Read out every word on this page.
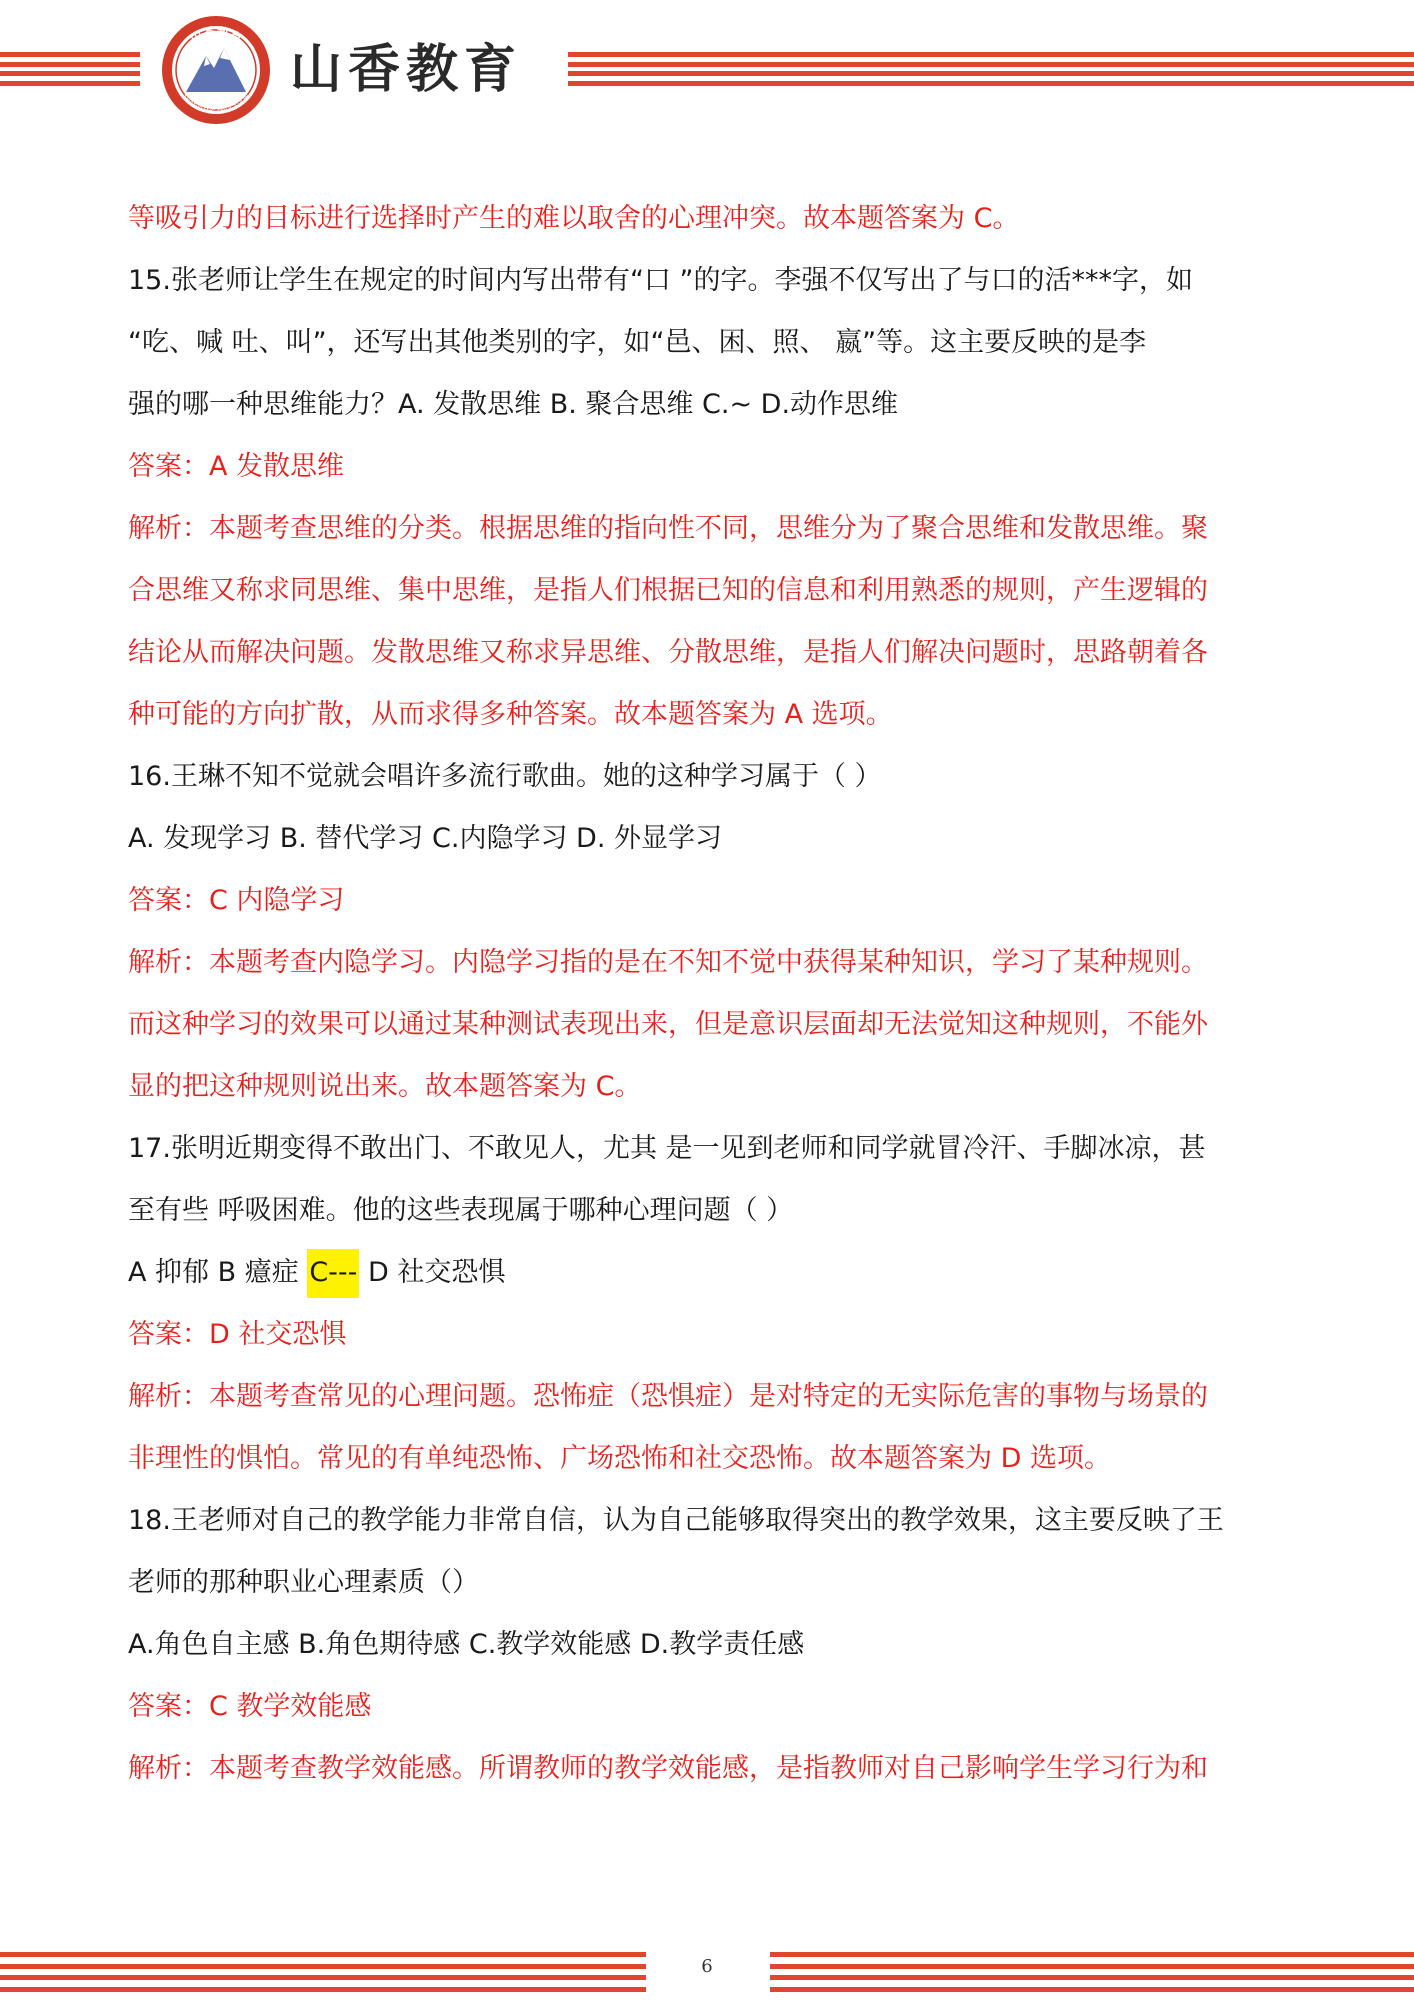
山香教育
SHANXIANG EDUCATION 山香教育
等吸引力的目标进行选择时产生的难以取舍的心理冲突。故本题答案为 C。
15.张老师让学生在规定的时间内写出带有“口 ”的字。李强不仅写出了与口的活***字，如
“吃、喊 吐、叫”，还写出其他类别的字，如“邑、困、照、 嬴”等。这主要反映的是李
强的哪一种思维能力？A. 发散思维 B. 聚合思维 C.~ D.动作思维
答案：A 发散思维
解析：本题考查思维的分类。根据思维的指向性不同，思维分为了聚合思维和发散思维。聚
合思维又称求同思维、集中思维，是指人们根据已知的信息和利用熟悉的规则，产生逻辑的
结论从而解决问题。发散思维又称求异思维、分散思维，是指人们解决问题时，思路朝着各
种可能的方向扩散，从而求得多种答案。故本题答案为 A 选项。
16.王琳不知不觉就会唱许多流行歌曲。她的这种学习属于（ ）
A. 发现学习 B. 替代学习 C.内隐学习 D. 外显学习
答案：C 内隐学习
解析：本题考查内隐学习。内隐学习指的是在不知不觉中获得某种知识，学习了某种规则。
而这种学习的效果可以通过某种测试表现出来，但是意识层面却无法觉知这种规则，不能外
显的把这种规则说出来。故本题答案为 C。
17.张明近期变得不敢出门、不敢见人，尤其 是一见到老师和同学就冒冷汗、手脚冰凉，甚
至有些 呼吸困难。他的这些表现属于哪种心理问题（ ）
A 抑郁 B 癔症 C--- D 社交恐惧
答案：D 社交恐惧
解析：本题考查常见的心理问题。恐怖症（恐惧症）是对特定的无实际危害的事物与场景的
非理性的惧怕。常见的有单纯恐怖、广场恐怖和社交恐怖。故本题答案为 D 选项。
18.王老师对自己的教学能力非常自信，认为自己能够取得突出的教学效果，这主要反映了王
老师的那种职业心理素质（）
A.角色自主感 B.角色期待感 C.教学效能感 D.教学责任感
答案：C 教学效能感
解析：本题考查教学效能感。所谓教师的教学效能感，是指教师对自己影响学生学习行为和
6
